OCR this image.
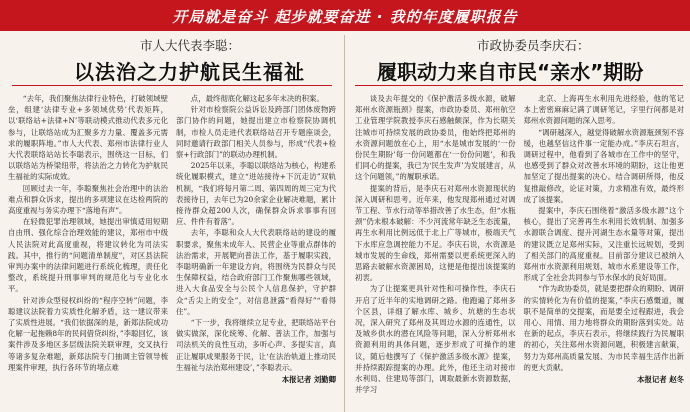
开局就是奋斗 起步就要奋进 · 我的年度履职报告
市人大代表李聪：
以法治之力护航民生福祉

“去年，我们聚焦法律行业特色，打破领域壁垒，组建‘法律专业+多领域优势’代表矩阵，以‘联络站+法律+N’等联动模式推动代表多元化参与，让联络站成为汇聚多方力量、覆盖多元需求的履职阵地。”市人大代表、郑州市法律行业人大代表联络站站长李聪表示，围绕这一目标，们以联络站为桥梁纽带，将法治之力转化为护航民生福祉的实际成效。

回顾过去一年，李聪聚焦社会治理中的法治难点和群众诉求，提出的多项建议在达检两院的高度重视与务实办理下“落地有声”。

在轻微犯罪治理领域，她提出审慎适用短期自由刑、强化综合治理效能的建议，郑州市中级人民法院对此高度重视，将建议转化为司法实践。其中，推行的“问题清单制度”，对区县法院审判办案中的法律问题进行系统化梳理，责任化整改，系统提升刑事审判的规范化与专业化水平。

针对涉众型侵权纠纷的“程序空转”问题，李聪建议法院着力实质性化解矛盾，这一建议带来了实质性进展。“我们依据深的是，新郑法院成功化解一起拖赖8年的民间借贷纠纷，”李聪回忆，该案件涉及多地区多层级法院关联审理，交叉执行等诸多复杂难题，新郑法院专门抽调主管领导梳理案件审理，执行各环节的堵点难

点，最终彻底化解这起多年未决的积案。

针对市检察院公益诉讼及跨部门团体废物跨部门协作的问题，她提出建立市检察院协调机制，市检人员走进代表联络站召开专题座谈会，同时邀请行政部门相关人员参与，形成“代表+检察+行政部门”的联动办理机制。

2025年以来，李聪以联络站为核心，构建系统化履职模式，建立“进站接待+下沉走访”双轨机制，“我们将每月第二周、第四周的周三定为代表接待日，去年已为20余家企业解决难题，累计接待群众超200人次，确保群众诉求事事有回应、件件有着落”。

去年，李聪和众人大代表联络站的建设的履职要求，聚焦未成年人、民营企业等重点群体的法治需求，开展靶向普法工作，基于履职实践，李聪明确新一年建设方向，将围绕为民群众与民生保障权益，结合政府部门工作聚焦哪些领域，进入大食品安全与公民个人信息保护，守护群众“舌尖上的安全”，对信息泄露“看得好”“看得住”。

“下一步，我将继续立足专业，把联络站平台做实做深，深化统筹、化解、普法工作，加强与司法机关的良性互动，多听心声、多提实言，真正让履职成果服务于民，让‘在法治轨道上推动民生福祉与法治郑州建设’，”李聪表示。

本报记者 刘勤卿

市政协委员李庆石：
履职动力来自市民“亲水”期盼

谈及去年提交的《保护激活多级水源，破解郑州水资源瓶颈》提案，市政协委员、郑州航空工业管理学院教授李庆石感触颇深，作为长期关注城市可持续发展的政协委员，他始终把郑州的水资源问题放在心上，用“水是城市发展的‘一份份民生期盼’每一份问题都在‘一份份问题’，和我们同心的提案，我已为‘民生发声’为发展建言，从这个问题领，”的履职承诺。

提案的背后，是李庆石对郑州水资源现状的深入调研和思考。近年来，他发现郑州通过对调节工程、节水行动等举措改善了水生态，但“水瓶颈”仍未根本破解：不少河流常年缺乏生态流量，再生水利用比例远低于北上广等城市，极端天气下水库应急调控能力不足。李庆石说，水资源是城市发展的生命线，郑州需要以更系统更深入的思路去破解水资源困局，这便是他提出该提案的初衷。

为了让提案更具针对性和可操作性，李庆石开启了近半年的实地调研之路。他跑遍了郑州多个区县，详细了解水库、城乡、坑塘的生态状况，深入研究了郑州及其周边水源的连通性，以及城乡供水的潜在风险等问题，深入分析郑州水资源利用的具体问题，逐步形成了可操作的建议，随后他撰写了《保护激活多级水源》提案，并持续跟踪提案的办理。此外，他还主动对接市水利局、住建局等部门，调取最新水资源数据，并学习

北京、上海再生水利用先进经验，他的笔记本上密密麻麻记满了调研笔记，字里行间都是对郑州水资源问题的深入思考。

“调研越深入，越觉得破解水资源瓶颈刻不容缓，也越坚信这件事一定能办成。”李庆石坦言，调研过程中，他看到了各城市在工作中的坚守，也感受到了群众对改善水环境的期盼，这让他更加坚定了提出提案的决心。结合调研所得，他反复推敲修改，论证对策，力求精准有效，最终形成了该提案。

提案中，李庆石围绕着“激活多级水源”这个核心，提出了完善再生水利用长效机制、加强多水源联合调度、提升河湖生态水量等对策，提出的建议既立足郑州实际，又注重长远规划，受到了相关部门的高度重视。目前部分建议已被纳入郑州市水资源利用规划、城市水系建设等工作，形成了全社会共同参与节水保水的良好局面。

“作为政协委员，就是要把群众的期盼、调研的实情转化为有价值的提案，”李庆石感慨道，履职不是简单的交提案，而是要全过程跟进，我会用心、用情、用力地将群众的期盼落到实处。站在新的起点，李庆石表示，将继续践行为民履职的初心，关注郑州水资源问题，积极建言献策，努力为郑州高质量发展、为市民幸福生活作出新的更大贡献。

本报记者 赵冬
